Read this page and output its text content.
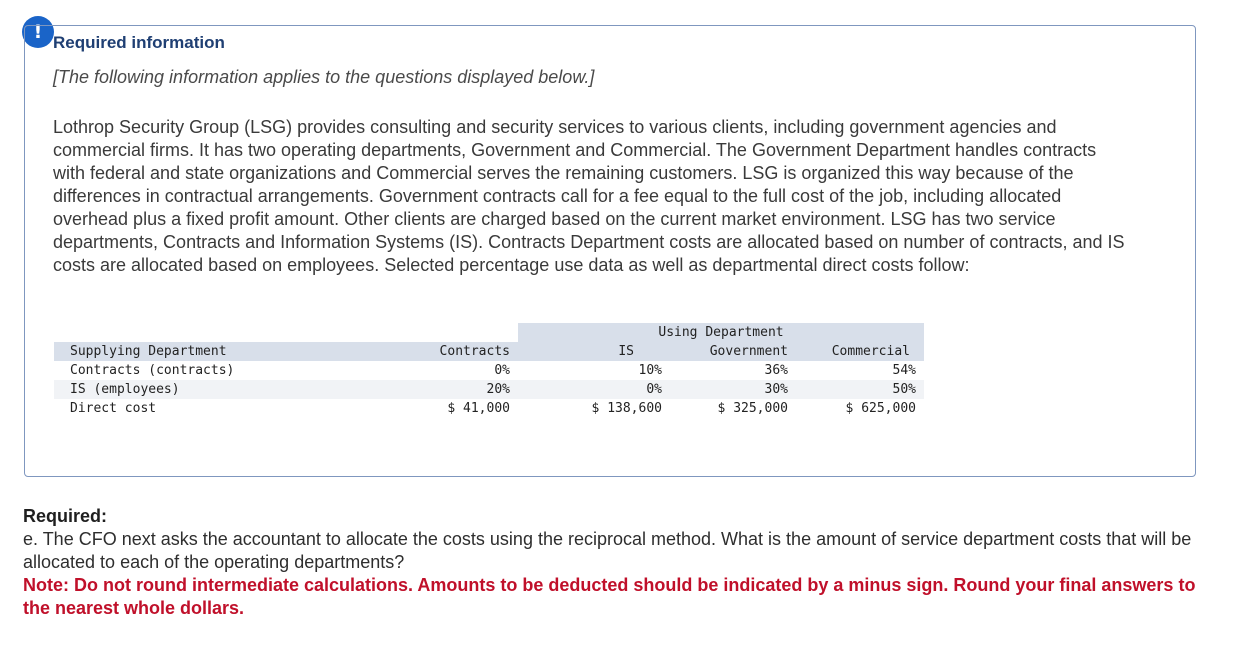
! Required information

[The following information applies to the questions displayed below.]

Lothrop Security Group (LSG) provides consulting and security services to various clients, including government agencies and commercial firms. It has two operating departments, Government and Commercial. The Government Department handles contracts with federal and state organizations and Commercial serves the remaining customers. LSG is organized this way because of the differences in contractual arrangements. Government contracts call for a fee equal to the full cost of the job, including allocated overhead plus a fixed profit amount. Other clients are charged based on the current market environment. LSG has two service departments, Contracts and Information Systems (IS). Contracts Department costs are allocated based on number of contracts, and IS costs are allocated based on employees. Selected percentage use data as well as departmental direct costs follow:

		Using Department			
Supplying Department	Contracts	IS	Government	Commercial	
Contracts (contracts)	0%	10%	36%	54%	
IS (employees)	20%	0%	30%	50%	
Direct cost	$ 41,000	$ 138,600	$ 325,000	$ 625,000	
Required:
e. The CFO next asks the accountant to allocate the costs using the reciprocal method. What is the amount of service department costs that will be allocated to each of the operating departments?
Note: Do not round intermediate calculations. Amounts to be deducted should be indicated by a minus sign. Round your final answers to the nearest whole dollars.
